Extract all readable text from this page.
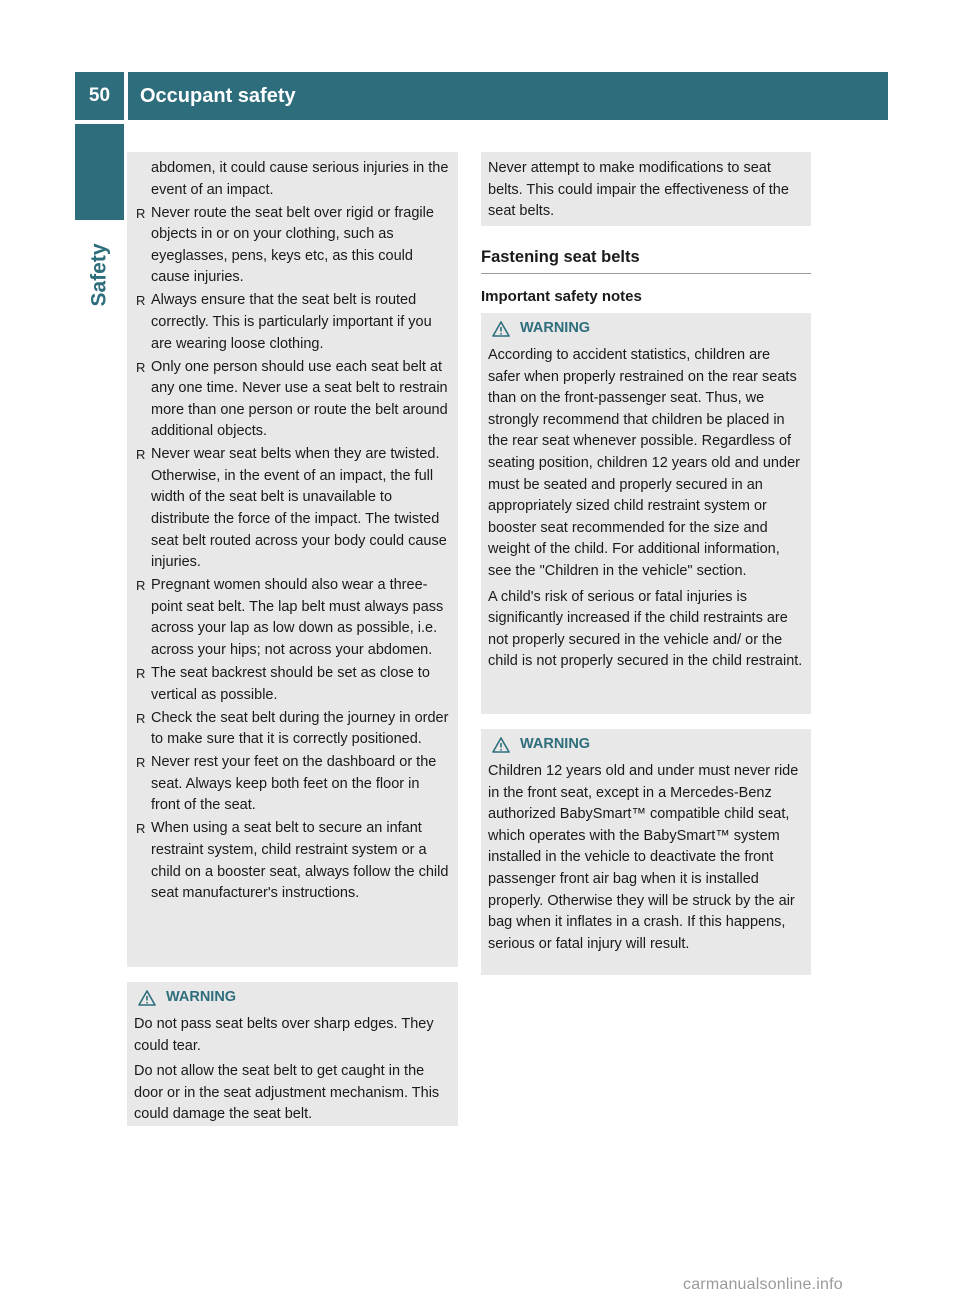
50	Occupant safety
Safety
abdomen, it could cause serious injuries in the event of an impact.
R Never route the seat belt over rigid or fragile objects in or on your clothing, such as eyeglasses, pens, keys etc, as this could cause injuries.
R Always ensure that the seat belt is routed correctly. This is particularly important if you are wearing loose clothing.
R Only one person should use each seat belt at any one time. Never use a seat belt to restrain more than one person or route the belt around additional objects.
R Never wear seat belts when they are twisted. Otherwise, in the event of an impact, the full width of the seat belt is unavailable to distribute the force of the impact. The twisted seat belt routed across your body could cause injuries.
R Pregnant women should also wear a three-point seat belt. The lap belt must always pass across your lap as low down as possible, i.e. across your hips; not across your abdomen.
R The seat backrest should be set as close to vertical as possible.
R Check the seat belt during the journey in order to make sure that it is correctly positioned.
R Never rest your feet on the dashboard or the seat. Always keep both feet on the floor in front of the seat.
R When using a seat belt to secure an infant restraint system, child restraint system or a child on a booster seat, always follow the child seat manufacturer's instructions.
WARNING

Do not pass seat belts over sharp edges. They could tear.

Do not allow the seat belt to get caught in the door or in the seat adjustment mechanism. This could damage the seat belt.

Never attempt to make modifications to seat belts. This could impair the effectiveness of the seat belts.

Fastening seat belts
Important safety notes
WARNING

According to accident statistics, children are safer when properly restrained on the rear seats than on the front-passenger seat. Thus, we strongly recommend that children be placed in the rear seat whenever possible. Regardless of seating position, children 12 years old and under must be seated and properly secured in an appropriately sized child restraint system or booster seat recommended for the size and weight of the child. For additional information, see the "Children in the vehicle" section.

A child's risk of serious or fatal injuries is significantly increased if the child restraints are not properly secured in the vehicle and/ or the child is not properly secured in the child restraint.

WARNING

Children 12 years old and under must never ride in the front seat, except in a Mercedes-Benz authorized BabySmart™ compatible child seat, which operates with the BabySmart™ system installed in the vehicle to deactivate the front passenger front air bag when it is installed properly. Otherwise they will be struck by the air bag when it inflates in a crash. If this happens, serious or fatal injury will result.

carmanualsonline.info
